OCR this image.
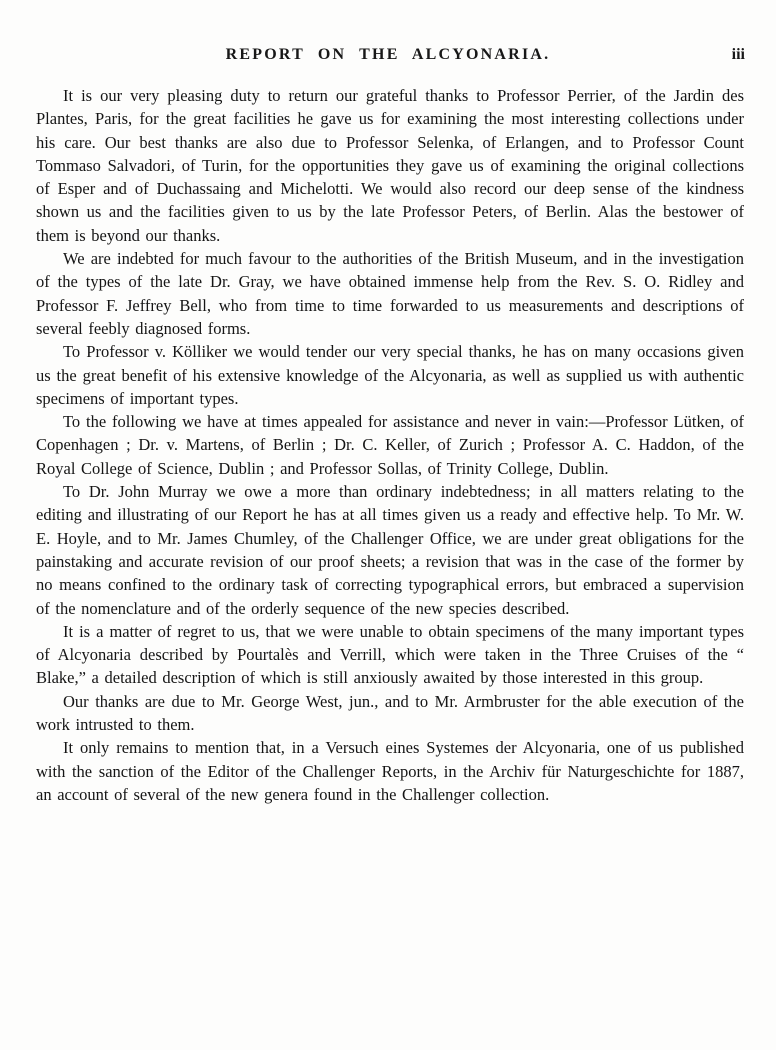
REPORT ON THE ALCYONARIA.	iii

It is our very pleasing duty to return our grateful thanks to Professor Perrier, of the Jardin des Plantes, Paris, for the great facilities he gave us for examining the most interesting collections under his care. Our best thanks are also due to Professor Selenka, of Erlangen, and to Professor Count Tommaso Salvadori, of Turin, for the opportunities they gave us of examining the original collections of Esper and of Duchassaing and Michelotti. We would also record our deep sense of the kindness shown us and the facilities given to us by the late Professor Peters, of Berlin. Alas the bestower of them is beyond our thanks.

We are indebted for much favour to the authorities of the British Museum, and in the investigation of the types of the late Dr. Gray, we have obtained immense help from the Rev. S. O. Ridley and Professor F. Jeffrey Bell, who from time to time forwarded to us measurements and descriptions of several feebly diagnosed forms.

To Professor v. Kölliker we would tender our very special thanks, he has on many occasions given us the great benefit of his extensive knowledge of the Alcyonaria, as well as supplied us with authentic specimens of important types.

To the following we have at times appealed for assistance and never in vain:—Professor Lütken, of Copenhagen ; Dr. v. Martens, of Berlin ; Dr. C. Keller, of Zurich ; Professor A. C. Haddon, of the Royal College of Science, Dublin ; and Professor Sollas, of Trinity College, Dublin.

To Dr. John Murray we owe a more than ordinary indebtedness; in all matters relating to the editing and illustrating of our Report he has at all times given us a ready and effective help. To Mr. W. E. Hoyle, and to Mr. James Chumley, of the Challenger Office, we are under great obligations for the painstaking and accurate revision of our proof sheets; a revision that was in the case of the former by no means confined to the ordinary task of correcting typographical errors, but embraced a supervision of the nomenclature and of the orderly sequence of the new species described.

It is a matter of regret to us, that we were unable to obtain specimens of the many important types of Alcyonaria described by Pourtalès and Verrill, which were taken in the Three Cruises of the “ Blake,” a detailed description of which is still anxiously awaited by those interested in this group.

Our thanks are due to Mr. George West, jun., and to Mr. Armbruster for the able execution of the work intrusted to them.

It only remains to mention that, in a Versuch eines Systemes der Alcyonaria, one of us published with the sanction of the Editor of the Challenger Reports, in the Archiv für Naturgeschichte for 1887, an account of several of the new genera found in the Challenger collection.
